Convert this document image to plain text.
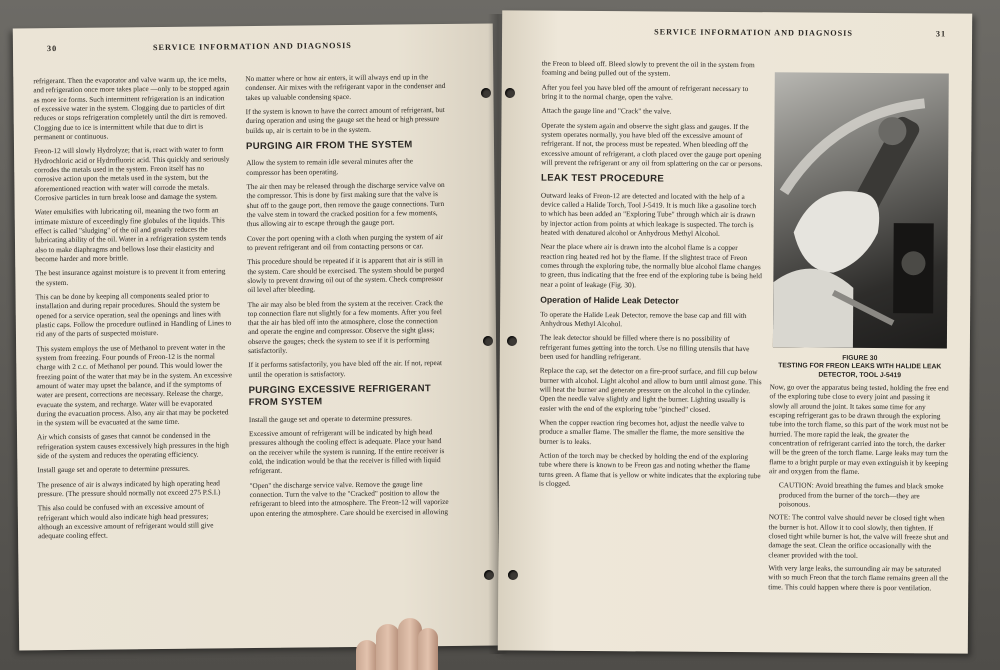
30	SERVICE INFORMATION AND DIAGNOSIS

refrigerant. Then the evaporator and valve warm up, the ice melts, and refrigeration once more takes place —only to be stopped again as more ice forms. Such intermittent refrigeration is an indication of excessive water in the system. Clogging due to particles of dirt reduces or stops refrigeration completely until the dirt is removed. Clogging due to ice is intermittent while that due to dirt is permanent or continuous.

Freon-12 will slowly Hydrolyze; that is, react with water to form Hydrochloric acid or Hydrofluoric acid. This quickly and seriously corrodes the metals used in the system. Freon itself has no corrosive action upon the metals used in the system, but the aforementioned reaction with water will corrode the metals. Corrosive particles in turn break loose and damage the system.

Water emulsifies with lubricating oil, meaning the two form an intimate mixture of exceedingly fine globules of the liquids. This effect is called "sludging" of the oil and greatly reduces the lubricating ability of the oil. Water in a refrigeration system tends also to make diaphragms and bellows lose their elasticity and become harder and more brittle.

The best insurance against moisture is to prevent it from entering the system.

This can be done by keeping all components sealed prior to installation and during repair procedures. Should the system be opened for a service operation, seal the openings and lines with plastic caps. Follow the procedure outlined in Handling of Lines to rid any of the parts of suspected moisture.

This system employs the use of Methanol to prevent water in the system from freezing. Four pounds of Freon-12 is the normal charge with 2 c.c. of Methanol per pound. This would lower the freezing point of the water that may be in the system. An excessive amount of water may upset the balance, and if the symptoms of water are present, corrections are necessary. Release the charge, evacuate the system, and recharge. Water will be evaporated during the evacuation process. Also, any air that may be pocketed in the system will be evacuated at the same time.

Air which consists of gases that cannot be condensed in the refrigeration system causes excessively high pressures in the high side of the system and reduces the operating efficiency.

Install gauge set and operate to determine pressures.

The presence of air is always indicated by high operating head pressure. (The pressure should normally not exceed 275 P.S.I.)

This also could be confused with an excessive amount of refrigerant which would also indicate high head pressures; although an excessive amount of refrigerant would still give adequate cooling effect.

No matter where or how air enters, it will always end up in the condenser. Air mixes with the refrigerant vapor in the condenser and takes up valuable condensing space.

If the system is known to have the correct amount of refrigerant, but during operation and using the gauge set the head or high pressure builds up, air is certain to be in the system.

PURGING AIR FROM THE SYSTEM

Allow the system to remain idle several minutes after the compressor has been operating.

The air then may be released through the discharge service valve on the compressor. This is done by first making sure that the valve is shut off to the gauge port, then remove the gauge connections. Turn the valve stem in toward the cracked position for a few moments, thus allowing air to escape through the gauge port.

Cover the port opening with a cloth when purging the system of air to prevent refrigerant and oil from contacting persons or car.

This procedure should be repeated if it is apparent that air is still in the system. Care should be exercised. The system should be purged slowly to prevent drawing oil out of the system. Check compressor oil level after bleeding.

The air may also be bled from the system at the receiver. Crack the top connection flare nut slightly for a few moments. After you feel that the air has bled off into the atmosphere, close the connection and operate the engine and compressor. Observe the sight glass; observe the gauges; check the system to see if it is performing satisfactorily.

If it performs satisfactorily, you have bled off the air. If not, repeat until the operation is satisfactory.

PURGING EXCESSIVE REFRIGERANT FROM SYSTEM

Install the gauge set and operate to determine pressures.

Excessive amount of refrigerant will be indicated by high head pressures although the cooling effect is adequate. Place your hand on the receiver while the system is running. If the entire receiver is cold, the indication would be that the receiver is filled with liquid refrigerant.

"Open" the discharge service valve. Remove the gauge line connection. Turn the valve to the "Cracked" position to allow the refrigerant to bleed into the atmosphere. The Freon-12 will vaporize upon entering the atmosphere. Care should be exercised in allowing

SERVICE INFORMATION AND DIAGNOSIS	31

the Freon to bleed off. Bleed slowly to prevent the oil in the system from foaming and being pulled out of the system.

After you feel you have bled off the amount of refrigerant necessary to bring it to the normal charge, open the valve.

Attach the gauge line and "Crack" the valve.

Operate the system again and observe the sight glass and gauges. If the system operates normally, you have bled off the excessive amount of refrigerant. If not, the process must be repeated. When bleeding off the excessive amount of refrigerant, a cloth placed over the gauge port opening will prevent the refrigerant or any oil from splattering on the car or persons.

LEAK TEST PROCEDURE

Outward leaks of Freon-12 are detected and located with the help of a device called a Halide Torch, Tool J-5419. It is much like a gasoline torch to which has been added an "Exploring Tube" through which air is drawn by injector action from points at which leakage is suspected. The torch is heated with denatured alcohol or Anhydrous Methyl Alcohol.

Near the place where air is drawn into the alcohol flame is a copper reaction ring heated red hot by the flame. If the slightest trace of Freon comes through the exploring tube, the normally blue alcohol flame changes to green, thus indicating that the free end of the exploring tube is being held near a point of leakage (Fig. 30).

Operation of Halide Leak Detector

To operate the Halide Leak Detector, remove the base cap and fill with Anhydrous Methyl Alcohol.

The leak detector should be filled where there is no possibility of refrigerant fumes getting into the torch. Use no filling utensils that have been used for handling refrigerant.

Replace the cap, set the detector on a fire-proof surface, and fill cup below burner with alcohol. Light alcohol and allow to burn until almost gone. This will heat the burner and generate pressure on the alcohol in the cylinder. Open the needle valve slightly and light the burner. Lighting usually is easier with the end of the exploring tube "pinched" closed.

When the copper reaction ring becomes hot, adjust the needle valve to produce a smaller flame. The smaller the flame, the more sensitive the burner is to leaks.

Action of the torch may be checked by holding the end of the exploring tube where there is known to be Freon gas and noting whether the flame turns green. A flame that is yellow or white indicates that the exploring tube is clogged.

FIGURE 30
TESTING FOR FREON LEAKS WITH HALIDE LEAK DETECTOR, TOOL J-5419

Now, go over the apparatus being tested, holding the free end of the exploring tube close to every joint and passing it slowly all around the joint. It takes some time for any escaping refrigerant gas to be drawn through the exploring tube into the torch flame, so this part of the work must not be hurried. The more rapid the leak, the greater the concentration of refrigerant carried into the torch, the darker will be the green of the torch flame. Large leaks may turn the flame to a bright purple or may even extinguish it by keeping air and oxygen from the flame.

CAUTION: Avoid breathing the fumes and black smoke produced from the burner of the torch—they are poisonous.

NOTE: The control valve should never be closed tight when the burner is hot. Allow it to cool slowly, then tighten. If closed tight while burner is hot, the valve will freeze shut and damage the seat. Clean the orifice occasionally with the cleaner provided with the tool.

With very large leaks, the surrounding air may be saturated with so much Freon that the torch flame remains green all the time. This could happen where there is poor ventilation.
